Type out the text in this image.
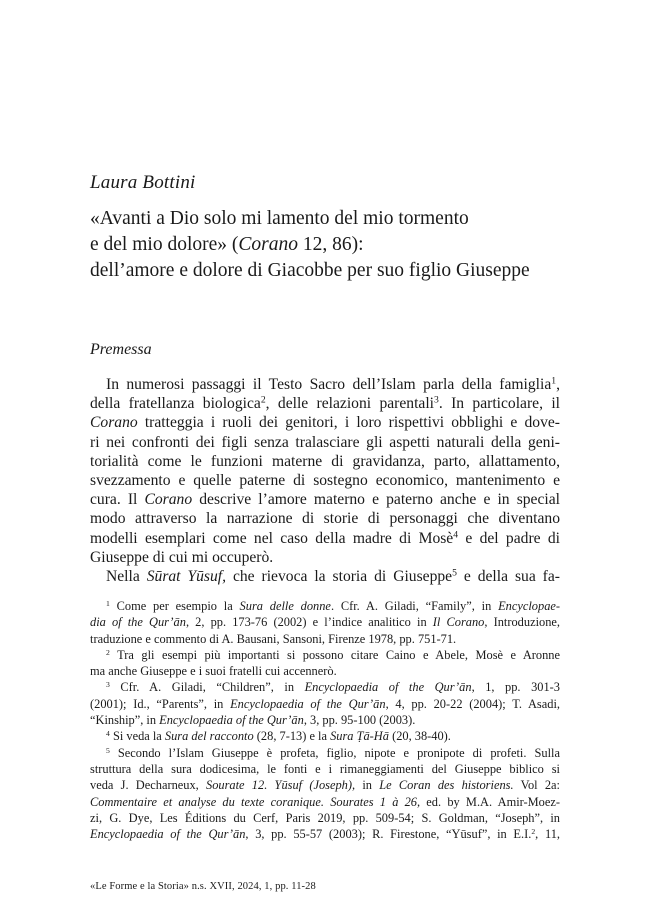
Laura Bottini
«Avanti a Dio solo mi lamento del mio tormento
e del mio dolore» (Corano 12, 86):
dell’amore e dolore di Giacobbe per suo figlio Giuseppe
Premessa
In numerosi passaggi il Testo Sacro dell’Islam parla della famiglia$^1$,
della fratellanza biologica$^2$, delle relazioni parentali$^3$. In particolare, il
Corano tratteggia i ruoli dei genitori, i loro rispettivi obblighi e dove-
ri nei confronti dei figli senza tralasciare gli aspetti naturali della geni-
torialità come le funzioni materne di gravidanza, parto, allattamento,
svezzamento e quelle paterne di sostegno economico, mantenimento e
cura. Il Corano descrive l’amore materno e paterno anche e in special
modo attraverso la narrazione di storie di personaggi che diventano
modelli esemplari come nel caso della madre di Mosè$^4$ e del padre di
Giuseppe di cui mi occuperò.
Nella Sūrat Yūsuf, che rievoca la storia di Giuseppe$^5$ e della sua fa-
$^1$ Come per esempio la Sura delle donne. Cfr. A. Giladi, “Family”, in Encyclopae-
dia of the Qur’ān, 2, pp. 173-76 (2002) e l’indice analitico in Il Corano, Introduzione,
traduzione e commento di A. Bausani, Sansoni, Firenze 1978, pp. 751-71.
$^2$ Tra gli esempi più importanti si possono citare Caino e Abele, Mosè e Aronne
ma anche Giuseppe e i suoi fratelli cui accennerò.
$^3$ Cfr. A. Giladi, “Children”, in Encyclopaedia of the Qur’ān, 1, pp. 301-3
(2001); Id., “Parents”, in Encyclopaedia of the Qur’ān, 4, pp. 20-22 (2004); T. Asadi,
“Kinship”, in Encyclopaedia of the Qur’ān, 3, pp. 95-100 (2003).
$^4$ Si veda la Sura del racconto (28, 7-13) e la Sura Ṭā-Hā (20, 38-40).
$^5$ Secondo l’Islam Giuseppe è profeta, figlio, nipote e pronipote di profeti. Sulla
struttura della sura dodicesima, le fonti e i rimaneggiamenti del Giuseppe biblico si
veda J. Decharneux, Sourate 12. Yūsuf (Joseph), in Le Coran des historiens. Vol 2a:
Commentaire et analyse du texte coranique. Sourates 1 à 26, ed. by M.A. Amir-Moez-
zi, G. Dye, Les Éditions du Cerf, Paris 2019, pp. 509-54; S. Goldman, “Joseph”, in
Encyclopaedia of the Qur’ān, 3, pp. 55-57 (2003); R. Firestone, “Yūsuf”, in E.I.$^2$, 11,
«Le Forme e la Storia» n.s. XVII, 2024, 1, pp. 11-28
